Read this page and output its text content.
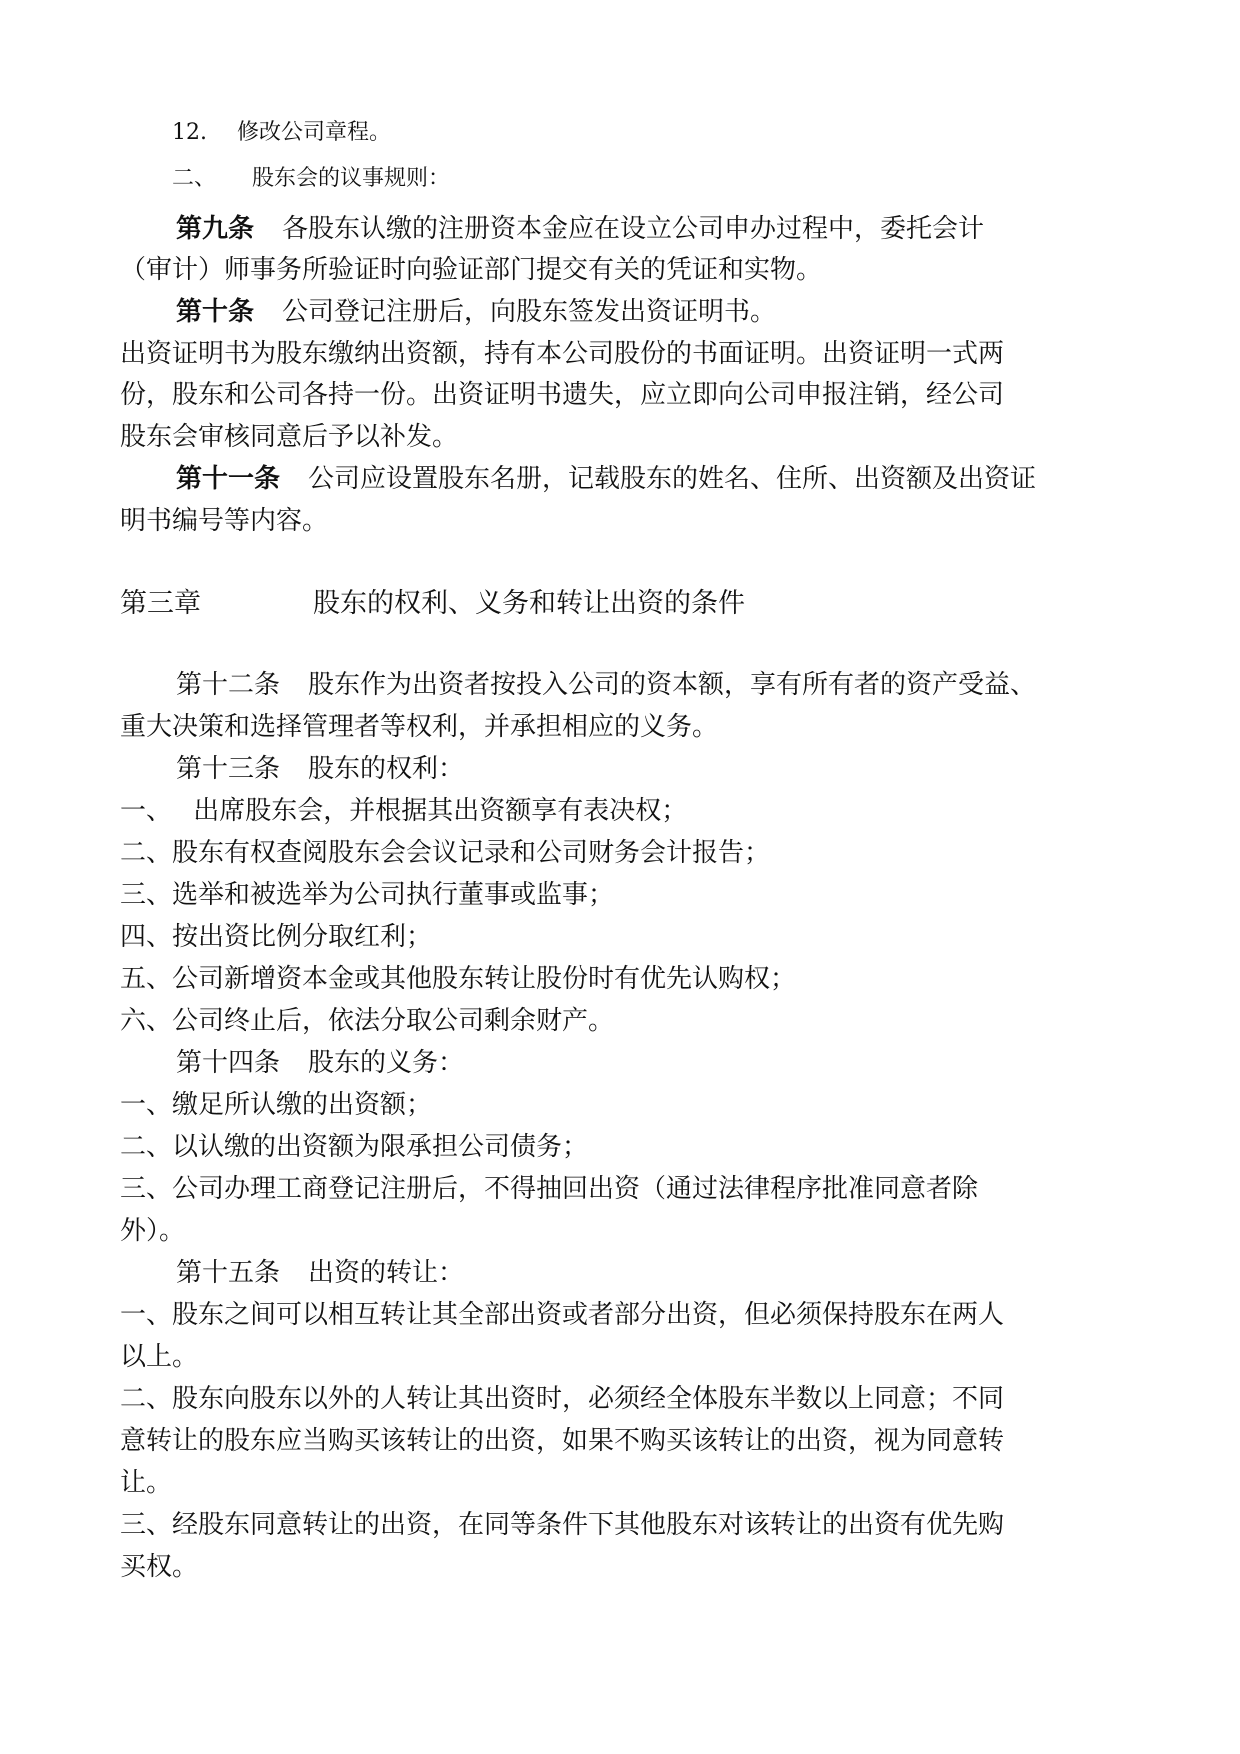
12. 修改公司章程。
二、 股东会的议事规则：
第九条 各股东认缴的注册资本金应在设立公司申办过程中，委托会计
（审计）师事务所验证时向验证部门提交有关的凭证和实物。
第十条 公司登记注册后，向股东签发出资证明书。
出资证明书为股东缴纳出资额，持有本公司股份的书面证明。出资证明一式两
份，股东和公司各持一份。出资证明书遗失，应立即向公司申报注销，经公司
股东会审核同意后予以补发。
第十一条 公司应设置股东名册，记载股东的姓名、住所、出资额及出资证
明书编号等内容。
第三章	股东的权利、义务和转让出资的条件
第十二条 股东作为出资者按投入公司的资本额，享有所有者的资产受益、
重大决策和选择管理者等权利，并承担相应的义务。
第十三条 股东的权利：
一、　 出席股东会，并根据其出资额享有表决权；
二、股东有权查阅股东会会议记录和公司财务会计报告；
三、选举和被选举为公司执行董事或监事；
四、按出资比例分取红利；
五、公司新增资本金或其他股东转让股份时有优先认购权；
六、公司终止后，依法分取公司剩余财产。
第十四条 股东的义务：
一、缴足所认缴的出资额；
二、以认缴的出资额为限承担公司债务；
三、公司办理工商登记注册后，不得抽回出资（通过法律程序批准同意者除
外）。
第十五条 出资的转让：
一、股东之间可以相互转让其全部出资或者部分出资，但必须保持股东在两人
以上。
二、股东向股东以外的人转让其出资时，必须经全体股东半数以上同意；不同
意转让的股东应当购买该转让的出资，如果不购买该转让的出资，视为同意转
让。
三、经股东同意转让的出资，在同等条件下其他股东对该转让的出资有优先购
买权。
